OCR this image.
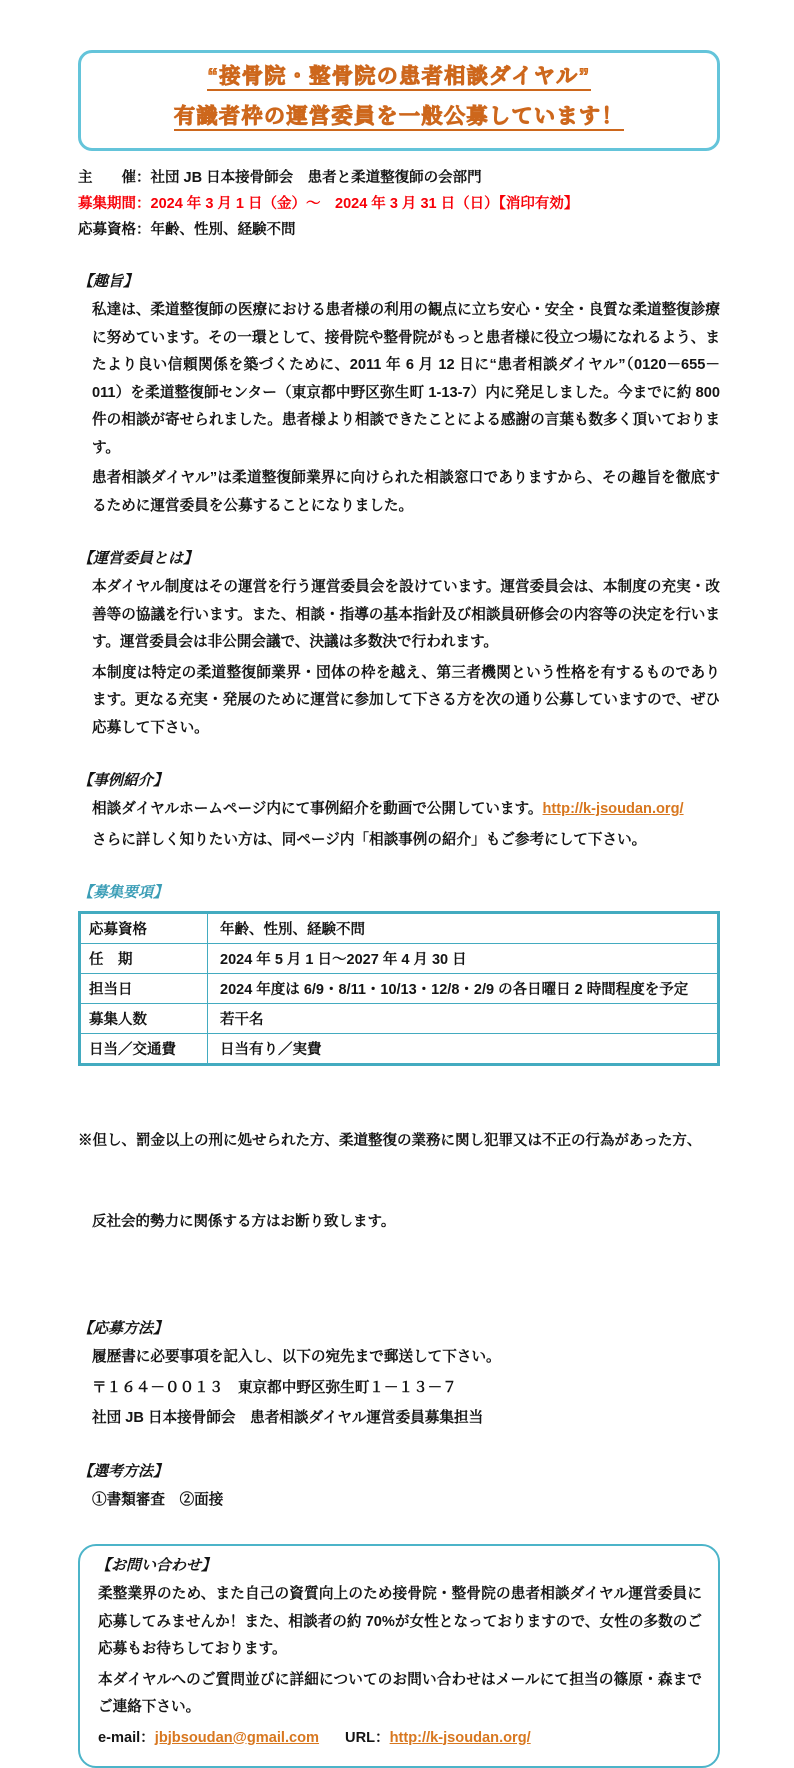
“接骨院・整骨院の患者相談ダイヤル”
有識者枠の運営委員を一般公募しています！
主　　催：社団 JB 日本接骨師会　患者と柔道整復師の会部門
募集期間：2024 年 3 月 1 日（金）～　2024 年 3 月 31 日（日）【消印有効】
応募資格：年齢、性別、経験不問
【趣旨】

私達は、柔道整復師の医療における患者様の利用の観点に立ち安心・安全・良質な柔道整復診療に努めています。その一環として、接骨院や整骨院がもっと患者様に役立つ場になれるよう、またより良い信頼関係を築づくために、2011 年 6 月 12 日に“患者相談ダイヤル”（0120－655－011）を柔道整復師センター（東京都中野区弥生町 1-13-7）内に発足しました。今までに約 800 件の相談が寄せられました。患者様より相談できたことによる感謝の言葉も数多く頂いております。

患者相談ダイヤル”は柔道整復師業界に向けられた相談窓口でありますから、その趣旨を徹底するために運営委員を公募することになりました。

【運営委員とは】

本ダイヤル制度はその運営を行う運営委員会を設けています。運営委員会は、本制度の充実・改善等の協議を行います。また、相談・指導の基本指針及び相談員研修会の内容等の決定を行います。運営委員会は非公開会議で、決議は多数決で行われます。

本制度は特定の柔道整復師業界・団体の枠を越え、第三者機関という性格を有するものであります。更なる充実・発展のために運営に参加して下さる方を次の通り公募していますので、ぜひ応募して下さい。

【事例紹介】

相談ダイヤルホームページ内にて事例紹介を動画で公開しています。http://k-jsoudan.org/

さらに詳しく知りたい方は、同ページ内「相談事例の紹介」もご参考にして下さい。

【募集要項】
応募資格	年齢、性別、経験不問
任　期	2024 年 5 月 1 日～2027 年 4 月 30 日
担当日	2024 年度は 6/9・8/11・10/13・12/8・2/9 の各日曜日 2 時間程度を予定
募集人数	若干名
日当／交通費	日当有り／実費

※但し、罰金以上の刑に処せられた方、柔道整復の業務に関し犯罪又は不正の行為があった方、

反社会的勢力に関係する方はお断り致します。

【応募方法】

履歴書に必要事項を記入し、以下の宛先まで郵送して下さい。

〒１６４－００１３　東京都中野区弥生町１－１３－７

社団 JB 日本接骨師会　患者相談ダイヤル運営委員募集担当

【選考方法】

①書類審査　②面接

【お問い合わせ】

柔整業界のため、また自己の資質向上のため接骨院・整骨院の患者相談ダイヤル運営委員に応募してみませんか！また、相談者の約 70%が女性となっておりますので、女性の多数のご応募もお待ちしております。

本ダイヤルへのご質問並びに詳細についてのお問い合わせはメールにて担当の篠原・森までご連絡下さい。

e-mail：jbjbsoudan@gmail.com URL：http://k-jsoudan.org/
